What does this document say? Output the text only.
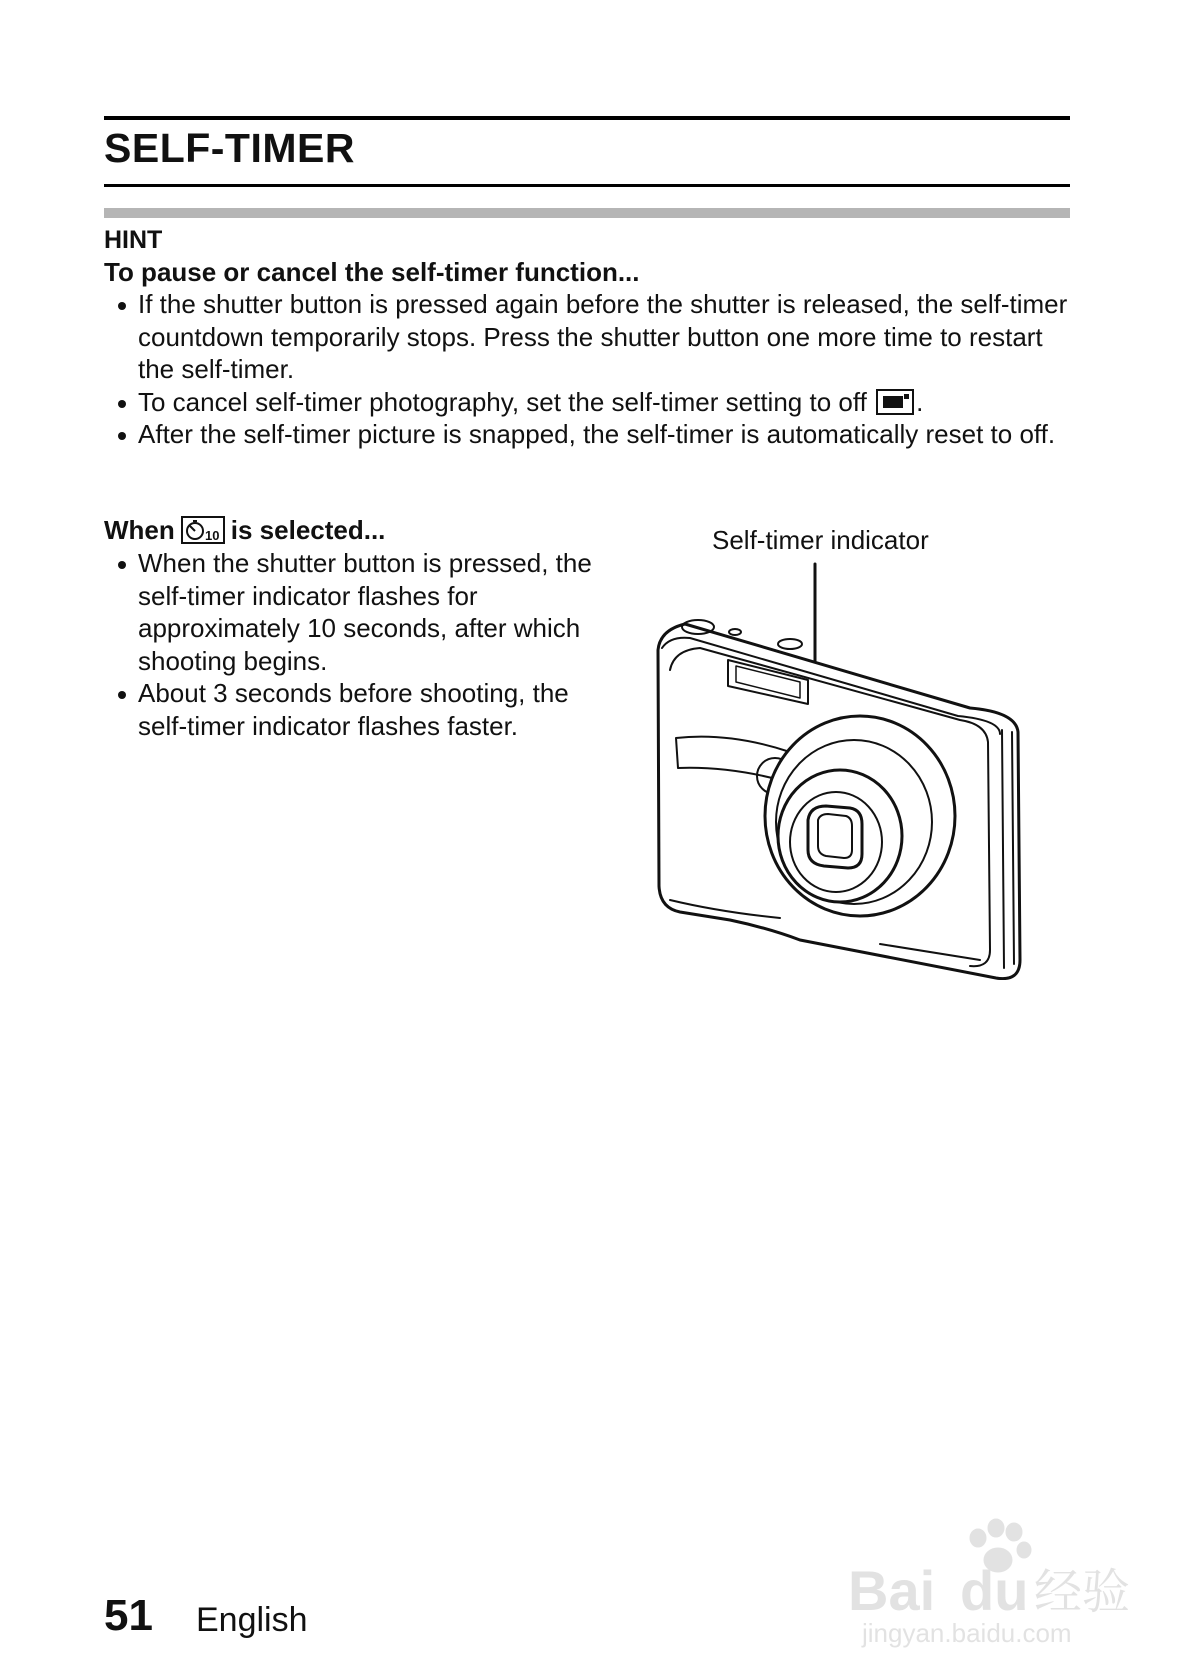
SELF-TIMER
HINT
To pause or cancel the self-timer function...
If the shutter button is pressed again before the shutter is released, the self-timer countdown temporarily stops. Press the shutter button one more time to restart the self-timer.
To cancel self-timer photography, set the self-timer setting to off .
After the self-timer picture is snapped, the self-timer is automatically reset to off.
When 10 is selected...
When the shutter button is pressed, the self-timer indicator flashes for approximately 10 seconds, after which shooting begins.
About 3 seconds before shooting, the self-timer indicator flashes faster.
Self-timer indicator
51 English	Bai du 经验
jingyan.baidu.com
